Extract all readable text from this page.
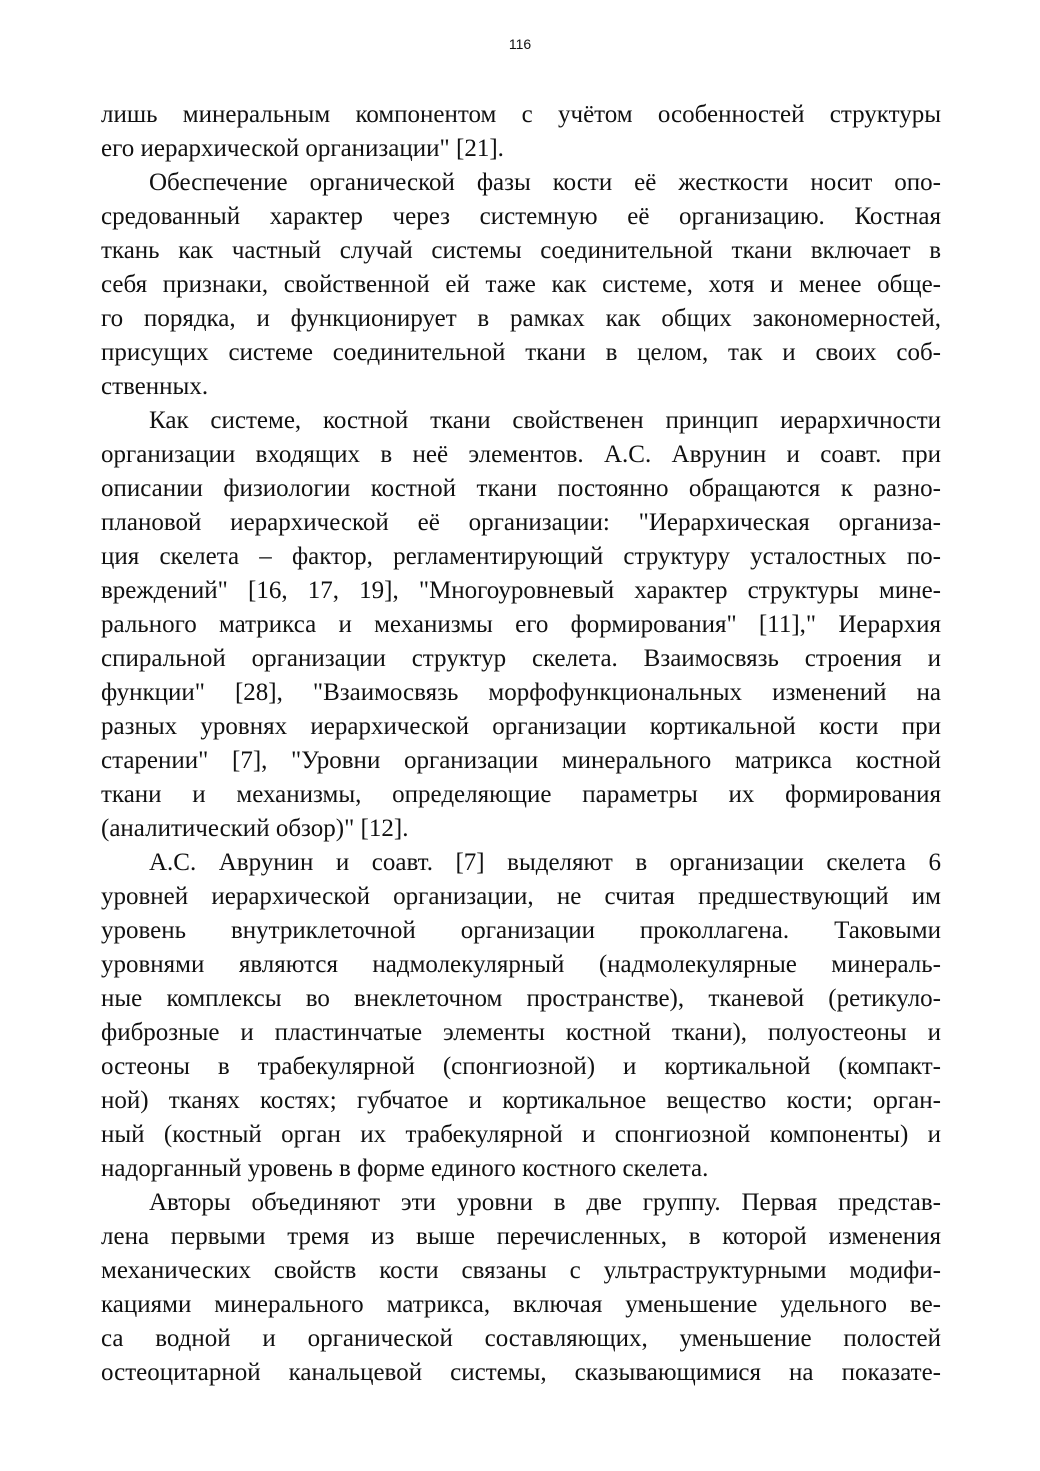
116
лишь минеральным компонентом с учётом особенностей структуры
его иерархической организации" [21].
Обеспечение органической фазы кости её жесткости носит опо-
средованный характер через системную её организацию. Костная
ткань как частный случай системы соединительной ткани включает в
себя признаки, свойственной ей таже как системе, хотя и менее обще-
го порядка, и функционирует в рамках как общих закономерностей,
присущих системе соединительной ткани в целом, так и своих соб-
ственных.
Как системе, костной ткани свойственен принцип иерархичности
организации входящих в неё элементов. А.С. Аврунин и соавт. при
описании физиологии костной ткани постоянно обращаются к разно-
плановой иерархической её организации: "Иерархическая организа-
ция скелета – фактор, регламентирующий структуру усталостных по-
вреждений" [16, 17, 19], "Многоуровневый характер структуры мине-
рального матрикса и механизмы его формирования" [11]," Иерархия
спиральной организации структур скелета. Взаимосвязь строения и
функции" [28], "Взаимосвязь морфофункциональных изменений на
разных уровнях иерархической организации кортикальной кости при
старении" [7], "Уровни организации минерального матрикса костной
ткани и механизмы, определяющие параметры их формирования
(аналитический обзор)" [12].
А.С. Аврунин и соавт. [7] выделяют в организации скелета 6
уровней иерархической организации, не считая предшествующий им
уровень внутриклеточной организации проколлагена. Таковыми
уровнями являются надмолекулярный (надмолекулярные минераль-
ные комплексы во внеклеточном пространстве), тканевой (ретикуло-
фиброзные и пластинчатые элементы костной ткани), полуостеоны и
остеоны в трабекулярной (спонгиозной) и кортикальной (компакт-
ной) тканях костях; губчатое и кортикальное вещество кости; орган-
ный (костный орган их трабекулярной и спонгиозной компоненты) и
надорганный уровень в форме единого костного скелета.
Авторы объединяют эти уровни в две группу. Первая представ-
лена первыми тремя из выше перечисленных, в которой изменения
механических свойств кости связаны с ультраструктурными модифи-
кациями минерального матрикса, включая уменьшение удельного ве-
са водной и органической составляющих, уменьшение полостей
остеоцитарной канальцевой системы, сказывающимися на показате-
